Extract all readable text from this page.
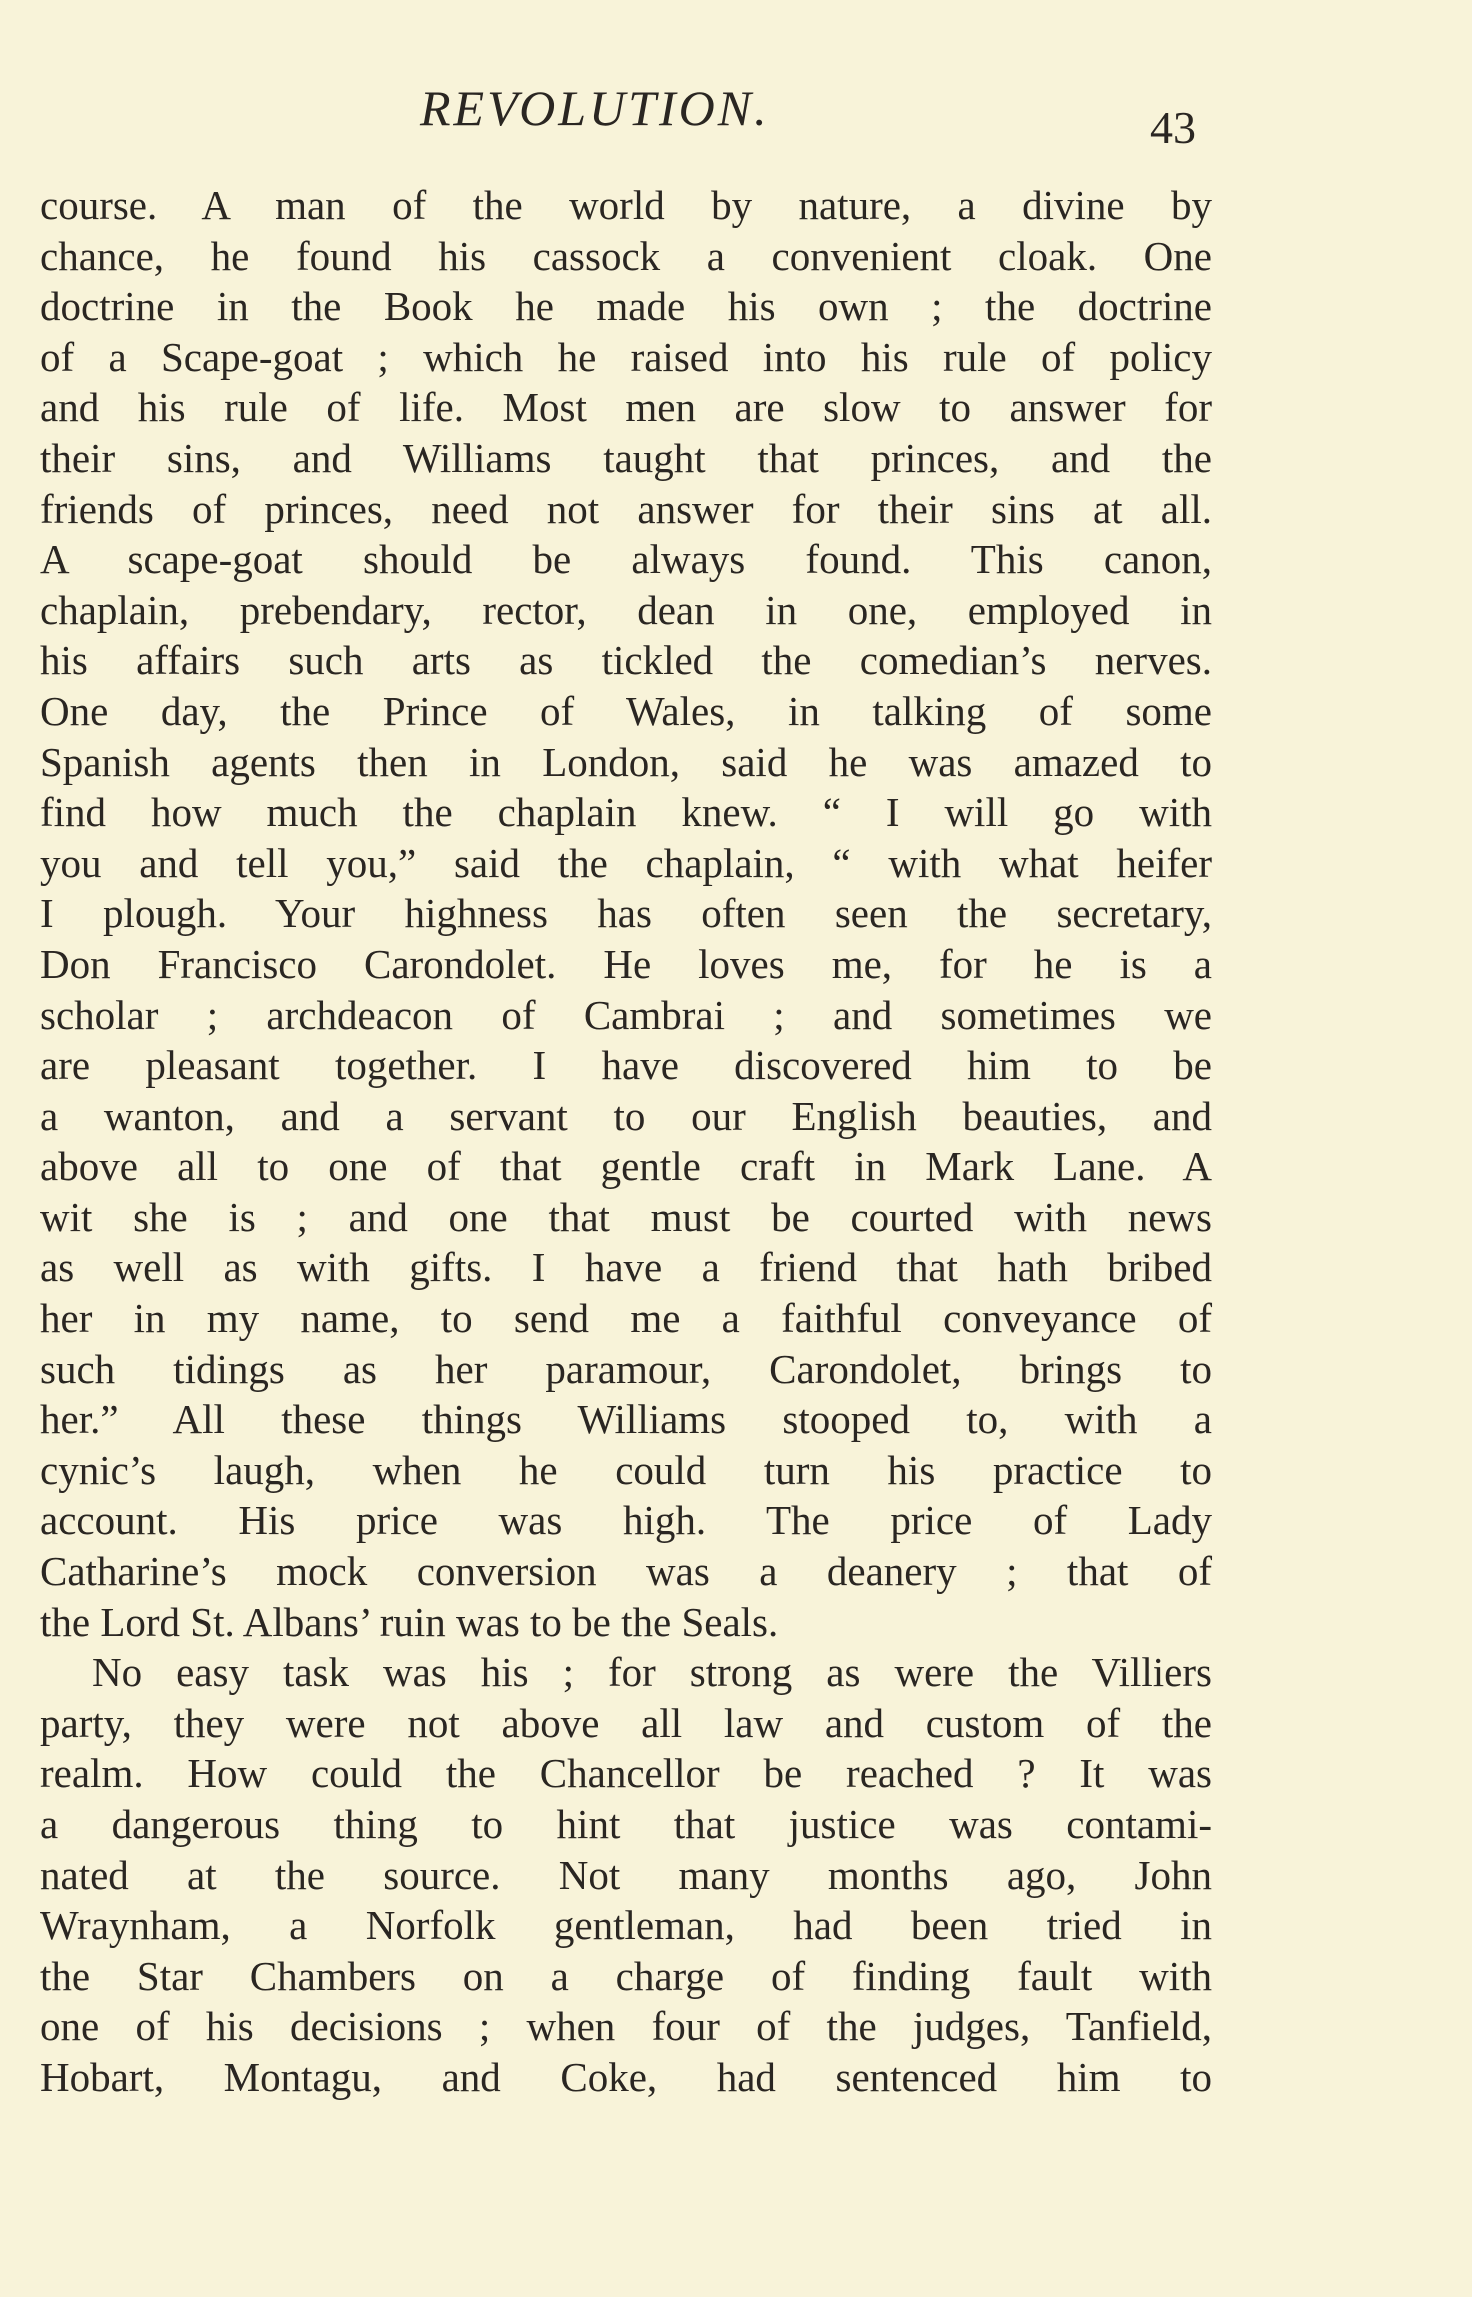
REVOLUTION.	43
course. A man of the world by nature, a divine by
chance, he found his cassock a convenient cloak. One
doctrine in the Book he made his own ; the doctrine
of a Scape-goat ; which he raised into his rule of policy
and his rule of life. Most men are slow to answer for
their sins, and Williams taught that princes, and the
friends of princes, need not answer for their sins at all.
A scape-goat should be always found. This canon,
chaplain, prebendary, rector, dean in one, employed in
his affairs such arts as tickled the comedian’s nerves.
One day, the Prince of Wales, in talking of some
Spanish agents then in London, said he was amazed to
find how much the chaplain knew. “ I will go with
you and tell you,” said the chaplain, “ with what heifer
I plough. Your highness has often seen the secretary,
Don Francisco Carondolet. He loves me, for he is a
scholar ; archdeacon of Cambrai ; and sometimes we
are pleasant together. I have discovered him to be
a wanton, and a servant to our English beauties, and
above all to one of that gentle craft in Mark Lane. A
wit she is ; and one that must be courted with news
as well as with gifts. I have a friend that hath bribed
her in my name, to send me a faithful conveyance of
such tidings as her paramour, Carondolet, brings to
her.” All these things Williams stooped to, with a
cynic’s laugh, when he could turn his practice to
account. His price was high. The price of Lady
Catharine’s mock conversion was a deanery ; that of
the Lord St. Albans’ ruin was to be the Seals.
No easy task was his ; for strong as were the Villiers
party, they were not above all law and custom of the
realm. How could the Chancellor be reached ? It was
a dangerous thing to hint that justice was contami-
nated at the source. Not many months ago, John
Wraynham, a Norfolk gentleman, had been tried in
the Star Chambers on a charge of finding fault with
one of his decisions ; when four of the judges, Tanfield,
Hobart, Montagu, and Coke, had sentenced him to
